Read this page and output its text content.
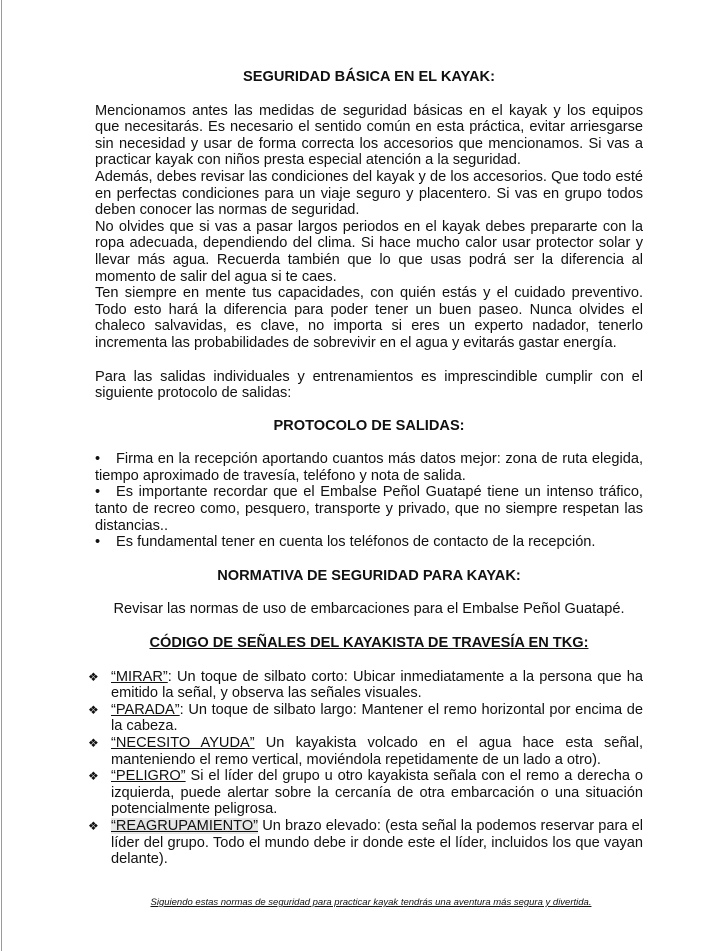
SEGURIDAD BÁSICA EN EL KAYAK:

Mencionamos antes las medidas de seguridad básicas en el kayak y los equipos que necesitarás. Es necesario el sentido común en esta práctica, evitar arriesgarse sin necesidad y usar de forma correcta los accesorios que mencionamos. Si vas a practicar kayak con niños presta especial atención a la seguridad.

Además, debes revisar las condiciones del kayak y de los accesorios. Que todo esté en perfectas condiciones para un viaje seguro y placentero. Si vas en grupo todos deben conocer las normas de seguridad.

No olvides que si vas a pasar largos periodos en el kayak debes prepararte con la ropa adecuada, dependiendo del clima. Si hace mucho calor usar protector solar y llevar más agua. Recuerda también que lo que usas podrá ser la diferencia al momento de salir del agua si te caes.

Ten siempre en mente tus capacidades, con quién estás y el cuidado preventivo. Todo esto hará la diferencia para poder tener un buen paseo. Nunca olvides el chaleco salvavidas, es clave, no importa si eres un experto nadador, tenerlo incrementa las probabilidades de sobrevivir en el agua y evitarás gastar energía.

Para las salidas individuales y entrenamientos es imprescindible cumplir con el siguiente protocolo de salidas:

PROTOCOLO DE SALIDAS:
• Firma en la recepción aportando cuantos más datos mejor: zona de ruta elegida, tiempo aproximado de travesía, teléfono y nota de salida.
• Es importante recordar que el Embalse Peñol Guatapé tiene un intenso tráfico, tanto de recreo como, pesquero, transporte y privado, que no siempre respetan las distancias..
• Es fundamental tener en cuenta los teléfonos de contacto de la recepción.
NORMATIVA DE SEGURIDAD PARA KAYAK:

Revisar las normas de uso de embarcaciones para el Embalse Peñol Guatapé.

CÓDIGO DE SEÑALES DEL KAYAKISTA DE TRAVESÍA EN TKG:
❖ “MIRAR”: Un toque de silbato corto: Ubicar inmediatamente a la persona que ha emitido la señal, y observa las señales visuales.
❖ “PARADA”: Un toque de silbato largo: Mantener el remo horizontal por encima de la cabeza.
❖ “NECESITO AYUDA” Un kayakista volcado en el agua hace esta señal, manteniendo el remo vertical, moviéndola repetidamente de un lado a otro).
❖ “PELIGRO” Si el líder del grupo u otro kayakista señala con el remo a derecha o izquierda, puede alertar sobre la cercanía de otra embarcación o una situación potencialmente peligrosa.
❖ “REAGRUPAMIENTO” Un brazo elevado: (esta señal la podemos reservar para el líder del grupo. Todo el mundo debe ir donde este el líder, incluidos los que vayan delante).
Siguiendo estas normas de seguridad para practicar kayak tendrás una aventura más segura y divertida.
